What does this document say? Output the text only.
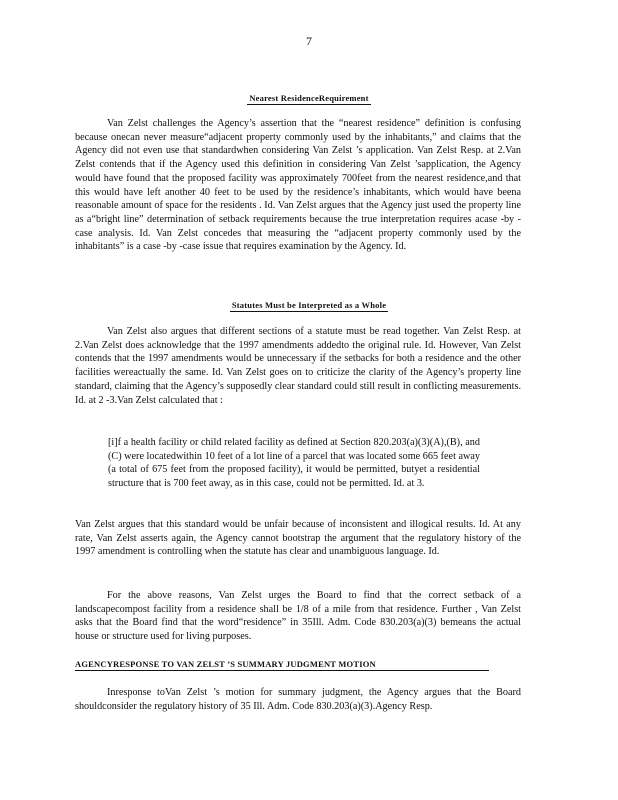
7
Nearest ResidenceRequirement

Van Zelst challenges the Agency’s assertion that the “nearest residence” definition is confusing because onecan never measure“adjacent property commonly used by the inhabitants,” and claims that the Agency did not even use that standardwhen considering Van Zelst ’s application. Van Zelst Resp. at 2.Van Zelst contends that if the Agency used this definition in considering Van Zelst ’sapplication, the Agency would have found that the proposed facility was approximately 700feet from the nearest residence,and that this would have left another 40 feet to be used by the residence’s inhabitants, which would have beena reasonable amount of space for the residents . Id. Van Zelst argues that the Agency just used the property line as a“bright line” determination of setback requirements because the true interpretation requires acase -by -case analysis. Id. Van Zelst concedes that measuring the “adjacent property commonly used by the inhabitants” is a case -by -case issue that requires examination by the Agency. Id.

Statutes Must be Interpreted as a Whole

Van Zelst also argues that different sections of a statute must be read together. Van Zelst Resp. at 2.Van Zelst does acknowledge that the 1997 amendments addedto the original rule. Id. However, Van Zelst contends that the 1997 amendments would be unnecessary if the setbacks for both a residence and the other facilities wereactually the same. Id. Van Zelst goes on to criticize the clarity of the Agency’s property line standard, claiming that the Agency’s supposedly clear standard could still result in conflicting measurements. Id. at 2 -3.Van Zelst calculated that :

[i]f a health facility or child related facility as defined at Section 820.203(a)(3)(A),(B), and (C) were locatedwithin 10 feet of a lot line of a parcel that was located some 665 feet away (a total of 675 feet from the proposed facility), it would be permitted, butyet a residential structure that is 700 feet away, as in this case, could not be permitted. Id. at 3.

Van Zelst argues that this standard would be unfair because of inconsistent and illogical results. Id. At any rate, Van Zelst asserts again, the Agency cannot bootstrap the argument that the regulatory history of the 1997 amendment is controlling when the statute has clear and unambiguous language. Id.

For the above reasons, Van Zelst urges the Board to find that the correct setback of a landscapecompost facility from a residence shall be 1/8 of a mile from that residence. Further , Van Zelst asks that the Board find that the word“residence” in 35Ill. Adm. Code 830.203(a)(3) bemeans the actual house or structure used for living purposes.

AGENCYRESPONSE TO VAN ZELST ’S SUMMARY JUDGMENT MOTION

Inresponse toVan Zelst ’s motion for summary judgment, the Agency argues that the Board shouldconsider the regulatory history of 35 Ill. Adm. Code 830.203(a)(3).Agency Resp.
